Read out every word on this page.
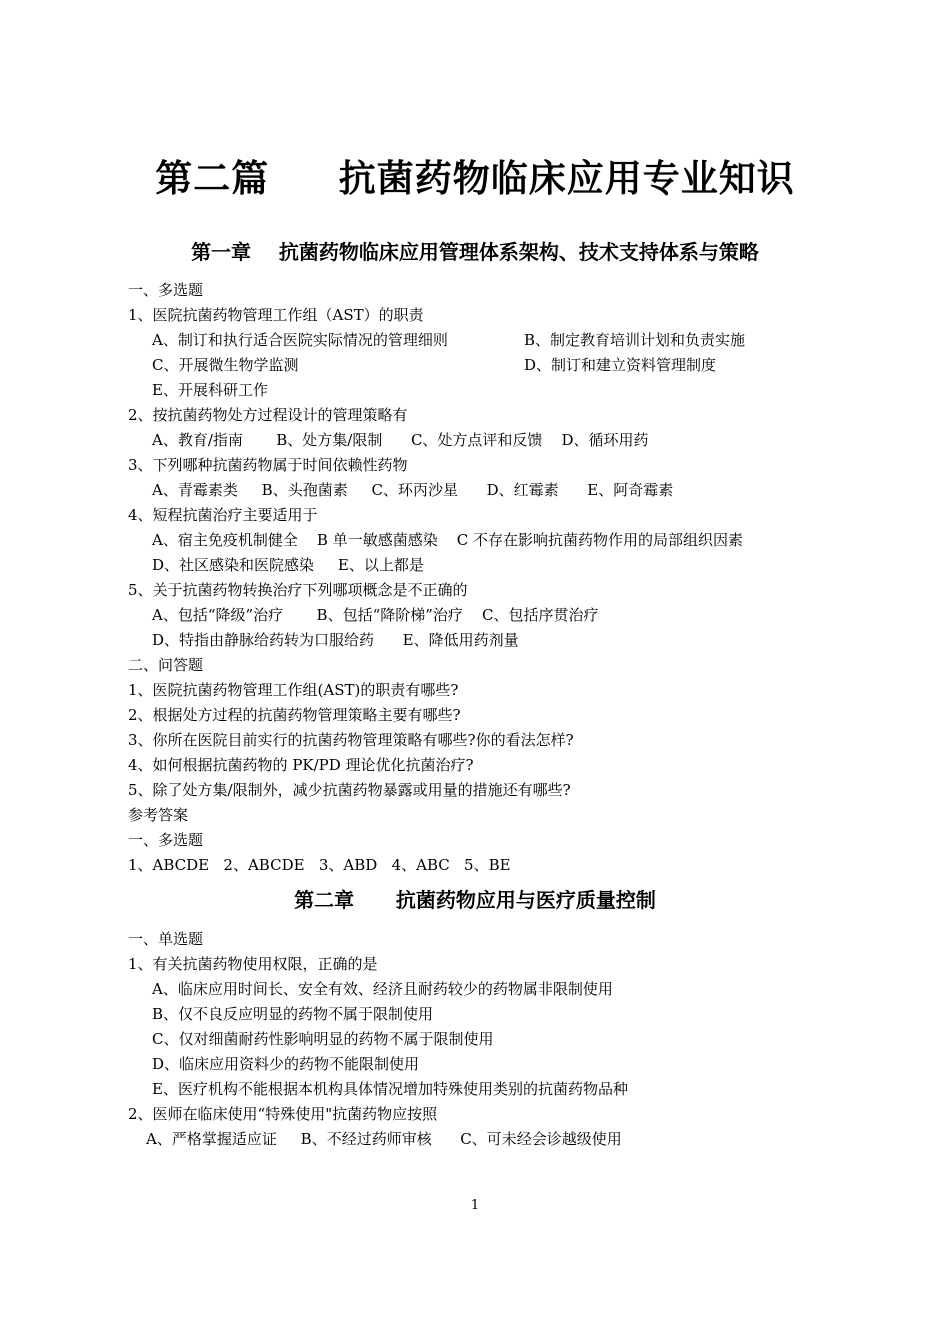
第二篇     抗菌药物临床应用专业知识
第一章    抗菌药物临床应用管理体系架构、技术支持体系与策略
一、多选题
1、医院抗菌药物管理工作组（AST）的职责
A、制订和执行适合医院实际情况的管理细则	B、制定教育培训计划和负责实施
C、开展微生物学监测	D、制订和建立资料管理制度
E、开展科研工作
2、按抗菌药物处方过程设计的管理策略有
A、教育/指南       B、处方集/限制      C、处方点评和反馈    D、循环用药
3、下列哪种抗菌药物属于时间依赖性药物
A、青霉素类     B、头孢菌素     C、环丙沙星      D、红霉素      E、阿奇霉素
4、短程抗菌治疗主要适用于
A、宿主免疫机制健全    B 单一敏感菌感染    C 不存在影响抗菌药物作用的局部组织因素
D、社区感染和医院感染     E、以上都是
5、关于抗菌药物转换治疗下列哪项概念是不正确的
A、包括“降级”治疗       B、包括“降阶梯”治疗    C、包括序贯治疗
D、特指由静脉给药转为口服给药      E、降低用药剂量
二、问答题
1、医院抗菌药物管理工作组(AST)的职责有哪些?
2、根据处方过程的抗菌药物管理策略主要有哪些?
3、你所在医院目前实行的抗菌药物管理策略有哪些?你的看法怎样?
4、如何根据抗菌药物的 PK/PD 理论优化抗菌治疗?
5、除了处方集/限制外，减少抗菌药物暴露或用量的措施还有哪些?
参考答案
一、多选题
1、ABCDE   2、ABCDE   3、ABD   4、ABC   5、BE
第二章      抗菌药物应用与医疗质量控制
一、单选题
1、有关抗菌药物使用权限，正确的是
A、临床应用时间长、安全有效、经济且耐药较少的药物属非限制使用
B、仅不良反应明显的药物不属于限制使用
C、仅对细菌耐药性影响明显的药物不属于限制使用
D、临床应用资料少的药物不能限制使用
E、医疗机构不能根据本机构具体情况增加特殊使用类别的抗菌药物品种
2、医师在临床使用“特殊使用"抗菌药物应按照
A、严格掌握适应证     B、不经过药师审核      C、可未经会诊越级使用
1
